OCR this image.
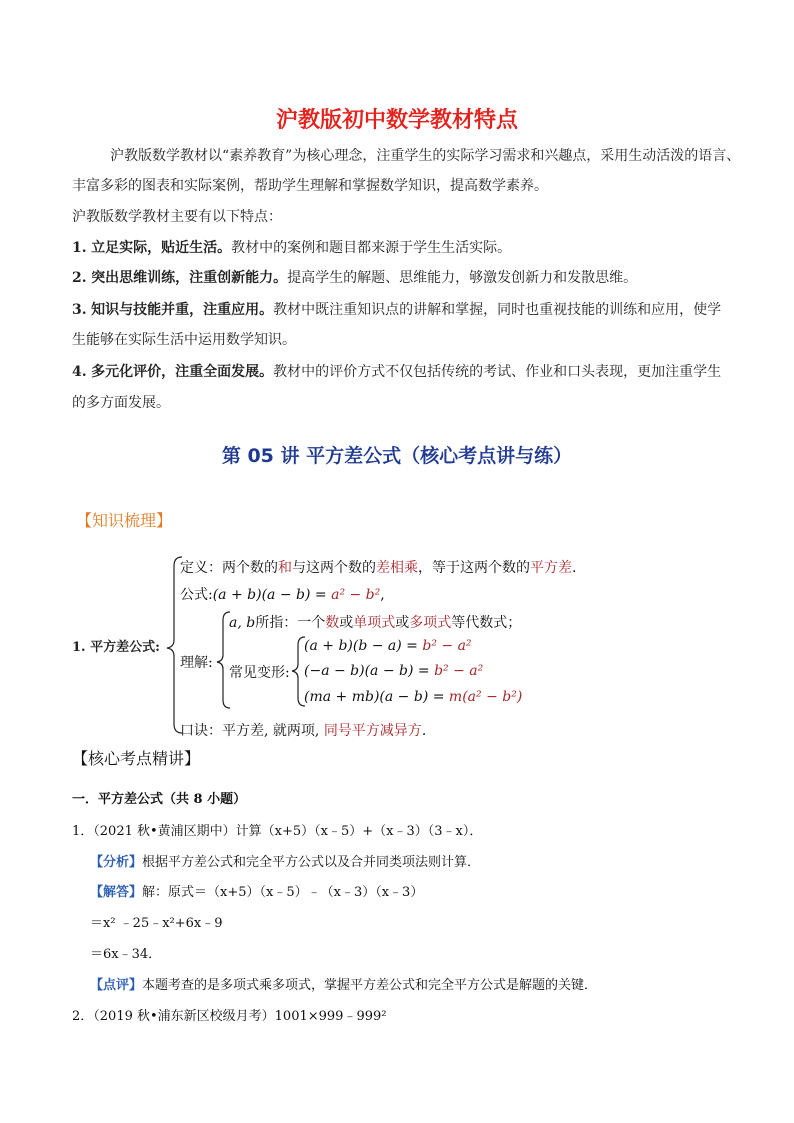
沪教版初中数学教材特点
沪教版数学教材以“素养教育”为核心理念，注重学生的实际学习需求和兴趣点，采用生动活泼的语言、
丰富多彩的图表和实际案例，帮助学生理解和掌握数学知识，提高数学素养。
沪教版数学教材主要有以下特点：
1. 立足实际，贴近生活。教材中的案例和题目都来源于学生生活实际。
2. 突出思维训练，注重创新能力。提高学生的解题、思维能力，够激发创新力和发散思维。
3. 知识与技能并重，注重应用。教材中既注重知识点的讲解和掌握，同时也重视技能的训练和应用，使学
生能够在实际生活中运用数学知识。
4. 多元化评价，注重全面发展。教材中的评价方式不仅包括传统的考试、作业和口头表现，更加注重学生
的多方面发展。
第 05 讲 平方差公式（核心考点讲与练）
【知识梳理】
1. 平方差公式:
定义：两个数的和与这两个数的差相乘，等于这两个数的平方差.
公式:(a + b)(a − b) = a² − b²,
理解:
a, b所指：一个数或单项式或多项式等代数式；
常见变形:
(a + b)(b − a) = b² − a²
(−a − b)(a − b) = b² − a²
(ma + mb)(a − b) = m(a² − b²)
口诀：平方差, 就两项, 同号平方减异方.
【核心考点精讲】
一．平方差公式（共 8 小题）
1．（2021 秋•黄浦区期中）计算（x+5）（x﹣5）+（x﹣3）（3﹣x）．
【分析】根据平方差公式和完全平方公式以及合并同类项法则计算．
【解答】解：原式＝（x+5）（x﹣5）﹣（x﹣3）（x﹣3）
＝x² ﹣25﹣x²+6x﹣9
＝6x﹣34．
【点评】本题考查的是多项式乘多项式，掌握平方差公式和完全平方公式是解题的关键．
2．（2019 秋•浦东新区校级月考）1001×999﹣999²
